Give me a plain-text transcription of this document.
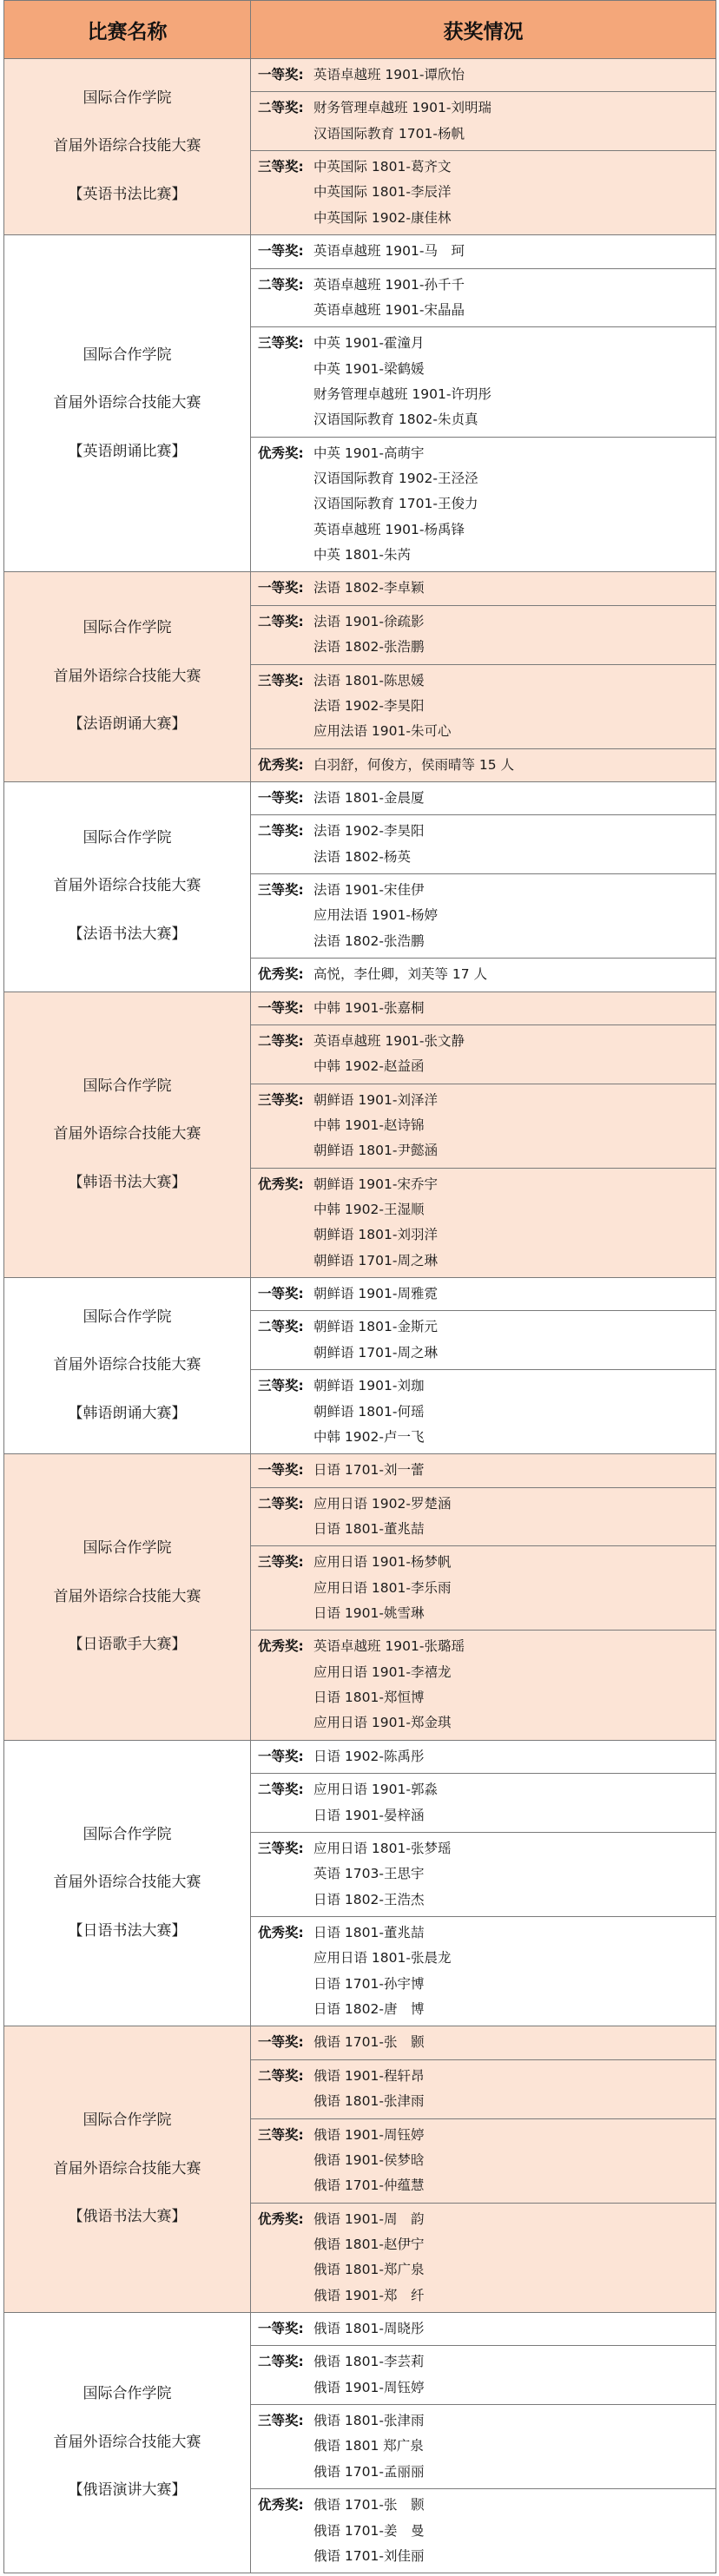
比赛名称	获奖情况

国际合作学院
首届外语综合技能大赛
【英语书法比赛】	一等奖: 英语卓越班 1901-谭欣怡

	二等奖: 财务管理卓越班 1901-刘明瑞
汉语国际教育 1701-杨帆

	三等奖: 中英国际 1801-葛齐文
中英国际 1801-李辰洋
中英国际 1902-康佳林

国际合作学院
首届外语综合技能大赛
【英语朗诵比赛】	一等奖: 英语卓越班 1901-马　珂

	二等奖: 英语卓越班 1901-孙千千
英语卓越班 1901-宋晶晶

	三等奖: 中英 1901-霍潼月
中英 1901-梁鹤媛
财务管理卓越班 1901-许玥彤
汉语国际教育 1802-朱贞真

	优秀奖: 中英 1901-高萌宇
汉语国际教育 1902-王泾泾
汉语国际教育 1701-王俊力
英语卓越班 1901-杨禹锋
中英 1801-朱芮

国际合作学院
首届外语综合技能大赛
【法语朗诵大赛】	一等奖: 法语 1802-李卓颖

	二等奖: 法语 1901-徐疏影
法语 1802-张浩鹏

	三等奖: 法语 1801-陈思媛
法语 1902-李昊阳
应用法语 1901-朱可心

	优秀奖: 白羽舒，何俊方，侯雨晴等 15 人

国际合作学院
首届外语综合技能大赛
【法语书法大赛】	一等奖: 法语 1801-金晨厦

	二等奖: 法语 1902-李昊阳
法语 1802-杨英

	三等奖: 法语 1901-宋佳伊
应用法语 1901-杨婷
法语 1802-张浩鹏

	优秀奖: 高悦，李仕卿，刘芙等 17 人

国际合作学院
首届外语综合技能大赛
【韩语书法大赛】	一等奖: 中韩 1901-张嘉桐

	二等奖: 英语卓越班 1901-张文静
中韩 1902-赵益函

	三等奖: 朝鲜语 1901-刘泽洋
中韩 1901-赵诗锦
朝鲜语 1801-尹懿涵

	优秀奖: 朝鲜语 1901-宋乔宇
中韩 1902-王湿顺
朝鲜语 1801-刘羽洋
朝鲜语 1701-周之琳

国际合作学院
首届外语综合技能大赛
【韩语朗诵大赛】	一等奖: 朝鲜语 1901-周雅霓

	二等奖: 朝鲜语 1801-金斯元
朝鲜语 1701-周之琳

	三等奖: 朝鲜语 1901-刘珈
朝鲜语 1801-何瑶
中韩 1902-卢一飞

国际合作学院
首届外语综合技能大赛
【日语歌手大赛】	一等奖: 日语 1701-刘一蕾

	二等奖: 应用日语 1902-罗楚涵
日语 1801-董兆喆

	三等奖: 应用日语 1901-杨梦帆
应用日语 1801-李乐雨
日语 1901-姚雪琳

	优秀奖: 英语卓越班 1901-张璐瑶
应用日语 1901-李禧龙
日语 1801-郑恒博
应用日语 1901-郑金琪

国际合作学院
首届外语综合技能大赛
【日语书法大赛】	一等奖: 日语 1902-陈禹彤

	二等奖: 应用日语 1901-郭淼
日语 1901-晏梓涵

	三等奖: 应用日语 1801-张梦瑶
英语 1703-王思宇
日语 1802-王浩杰

	优秀奖: 日语 1801-董兆喆
应用日语 1801-张晨龙
日语 1701-孙宇博
日语 1802-唐　博

国际合作学院
首届外语综合技能大赛
【俄语书法大赛】	一等奖: 俄语 1701-张　颢

	二等奖: 俄语 1901-程轩昂
俄语 1801-张津雨

	三等奖: 俄语 1901-周钰婷
俄语 1901-侯梦晗
俄语 1701-仲蕴慧

	优秀奖: 俄语 1901-周　韵
俄语 1801-赵伊宁
俄语 1801-郑广泉
俄语 1901-郑　纤

国际合作学院
首届外语综合技能大赛
【俄语演讲大赛】	一等奖: 俄语 1801-周晓彤

	二等奖: 俄语 1801-李芸莉
俄语 1901-周钰婷

	三等奖: 俄语 1801-张津雨
俄语 1801 郑广泉
俄语 1701-孟丽丽

	优秀奖: 俄语 1701-张　颢
俄语 1701-姜　曼
俄语 1701-刘佳丽
